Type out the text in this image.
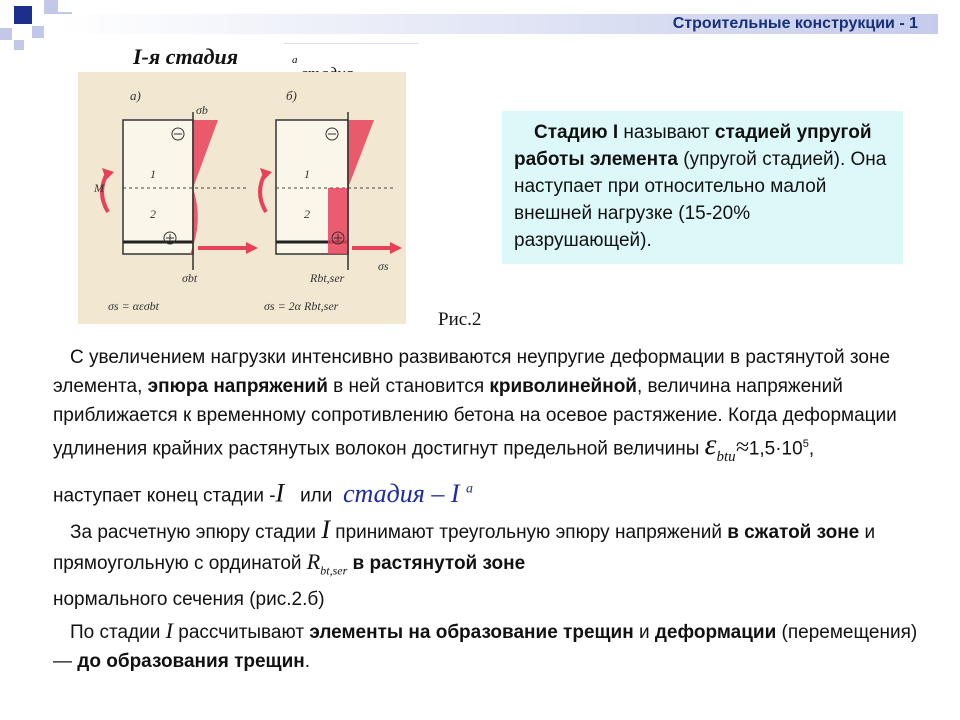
Строительные конструкции - 1
I-я стадия	$^а$
а)	б)
M
1
2
σb
σbt
σs = αεσbt
1
2
Rbt,ser
σs
σs = 2α Rbt,ser
Стадию I называют стадией упругой работы элемента (упругой стадией). Она наступает при относительно малой внешней нагрузке (15-20% разрушающей).
Рис.2

С увеличением нагрузки интенсивно развиваются неупругие деформации в растянутой зоне элемента, эпюра напряжений в ней становится криволинейной, величина напряжений приближается к временному сопротивлению бетона на осевое растяжение. Когда деформации удлинения крайних растянутых волокон достигнут предельной величины $\varepsilon_{btu}\approx 1,5\cdot 10^5$,

наступает конец стадии -I или стадия – I $^а$

За расчетную эпюру стадии I принимают треугольную эпюру напряжений в сжатой зоне и прямоугольную с ординатой $R_{bt,ser}$ в растянутой зоне
нормального сечения (рис.2.б)

По стадии I рассчитывают элементы на образование трещин и деформации (перемещения) — до образования трещин.
